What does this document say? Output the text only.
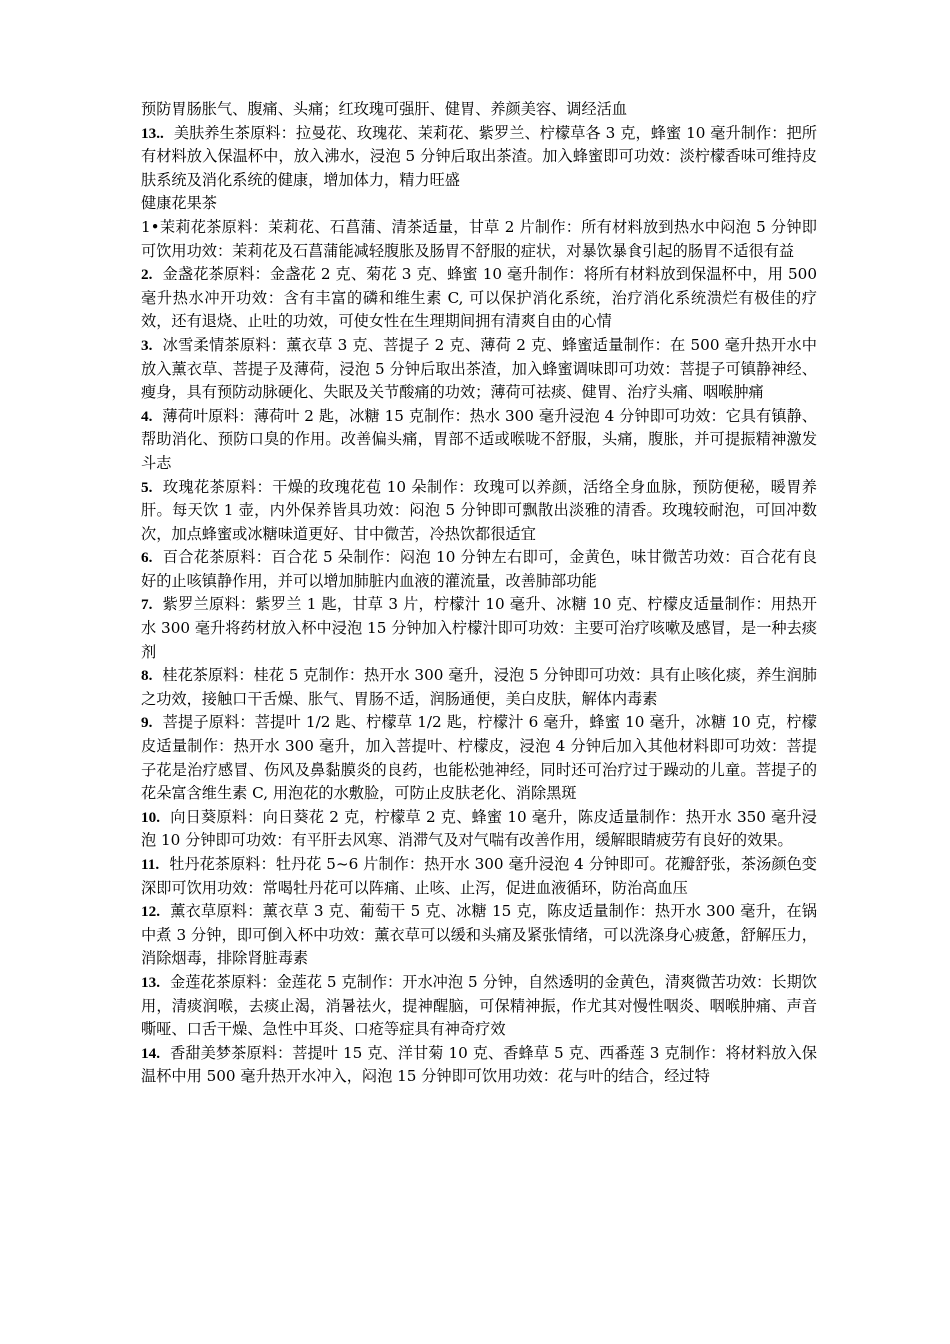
预防胃肠胀气、腹痛、头痛；红玫瑰可强肝、健胃、养颜美容、调经活血

13.. 美肤养生茶原料：拉曼花、玫瑰花、茉莉花、紫罗兰、柠檬草各 3 克，蜂蜜 10 毫升制作：把所有材料放入保温杯中，放入沸水，浸泡 5 分钟后取出茶渣。加入蜂蜜即可功效：淡柠檬香味可维持皮肤系统及消化系统的健康，增加体力，精力旺盛

健康花果茶

1•茉莉花茶原料：茉莉花、石菖蒲、清茶适量，甘草 2 片制作：所有材料放到热水中闷泡 5 分钟即可饮用功效：茉莉花及石菖蒲能减轻腹胀及肠胃不舒服的症状，对暴饮暴食引起的肠胃不适很有益

2. 金盏花茶原料：金盏花 2 克、菊花 3 克、蜂蜜 10 毫升制作：将所有材料放到保温杯中，用 500 毫升热水冲开功效：含有丰富的磷和维生素 C, 可以保护消化系统，治疗消化系统溃烂有极佳的疗效，还有退烧、止吐的功效，可使女性在生理期间拥有清爽自由的心情

3. 冰雪柔情茶原料：薰衣草 3 克、菩提子 2 克、薄荷 2 克、蜂蜜适量制作：在 500 毫升热开水中放入薰衣草、菩提子及薄荷，浸泡 5 分钟后取出茶渣，加入蜂蜜调味即可功效：菩提子可镇静神经、瘦身，具有预防动脉硬化、失眠及关节酸痛的功效；薄荷可祛痰、健胃、治疗头痛、咽喉肿痛

4. 薄荷叶原料：薄荷叶 2 匙，冰糖 15 克制作：热水 300 毫升浸泡 4 分钟即可功效：它具有镇静、帮助消化、预防口臭的作用。改善偏头痛，胃部不适或喉咙不舒服，头痛，腹胀，并可提振精神激发斗志

5. 玫瑰花茶原料：干燥的玫瑰花苞 10 朵制作：玫瑰可以养颜，活络全身血脉，预防便秘，暖胃养肝。每天饮 1 壶，内外保养皆具功效：闷泡 5 分钟即可飘散出淡雅的清香。玫瑰较耐泡，可回冲数次，加点蜂蜜或冰糖味道更好、甘中微苦，冷热饮都很适宜

6. 百合花茶原料：百合花 5 朵制作：闷泡 10 分钟左右即可，金黄色，味甘微苦功效：百合花有良好的止咳镇静作用，并可以增加肺脏内血液的灌流量，改善肺部功能

7. 紫罗兰原料：紫罗兰 1 匙，甘草 3 片，柠檬汁 10 毫升、冰糖 10 克、柠檬皮适量制作：用热开水 300 毫升将药材放入杯中浸泡 15 分钟加入柠檬汁即可功效：主要可治疗咳嗽及感冒，是一种去痰剂

8. 桂花茶原料：桂花 5 克制作：热开水 300 毫升，浸泡 5 分钟即可功效：具有止咳化痰，养生润肺之功效，接触口干舌燥、胀气、胃肠不适，润肠通便，美白皮肤，解体内毒素

9. 菩提子原料：菩提叶 1/2 匙、柠檬草 1/2 匙，柠檬汁 6 毫升，蜂蜜 10 毫升，冰糖 10 克，柠檬皮适量制作：热开水 300 毫升，加入菩提叶、柠檬皮，浸泡 4 分钟后加入其他材料即可功效：菩提子花是治疗感冒、伤风及鼻黏膜炎的良药，也能松弛神经，同时还可治疗过于躁动的儿童。菩提子的花朵富含维生素 C, 用泡花的水敷脸，可防止皮肤老化、消除黑斑

10. 向日葵原料：向日葵花 2 克，柠檬草 2 克、蜂蜜 10 毫升，陈皮适量制作：热开水 350 毫升浸泡 10 分钟即可功效：有平肝去风寒、消滞气及对气喘有改善作用，缓解眼睛疲劳有良好的效果。

11. 牡丹花茶原料：牡丹花 5~6 片制作：热开水 300 毫升浸泡 4 分钟即可。花瓣舒张，茶汤颜色变深即可饮用功效：常喝牡丹花可以阵痛、止咳、止泻，促进血液循环，防治高血压

12. 薰衣草原料：薰衣草 3 克、葡萄干 5 克、冰糖 15 克，陈皮适量制作：热开水 300 毫升，在锅中煮 3 分钟，即可倒入杯中功效：薰衣草可以缓和头痛及紧张情绪，可以洗涤身心疲惫，舒解压力，消除烟毒，排除肾脏毒素

13. 金莲花茶原料：金莲花 5 克制作：开水冲泡 5 分钟，自然透明的金黄色，清爽微苦功效：长期饮用，清痰润喉，去痰止渴，消暑祛火，提神醒脑，可保精神振，作尤其对慢性咽炎、咽喉肿痛、声音嘶哑、口舌干燥、急性中耳炎、口疮等症具有神奇疗效

14. 香甜美梦茶原料：菩提叶 15 克、洋甘菊 10 克、香蜂草 5 克、西番莲 3 克制作：将材料放入保温杯中用 500 毫升热开水冲入，闷泡 15 分钟即可饮用功效：花与叶的结合，经过特
